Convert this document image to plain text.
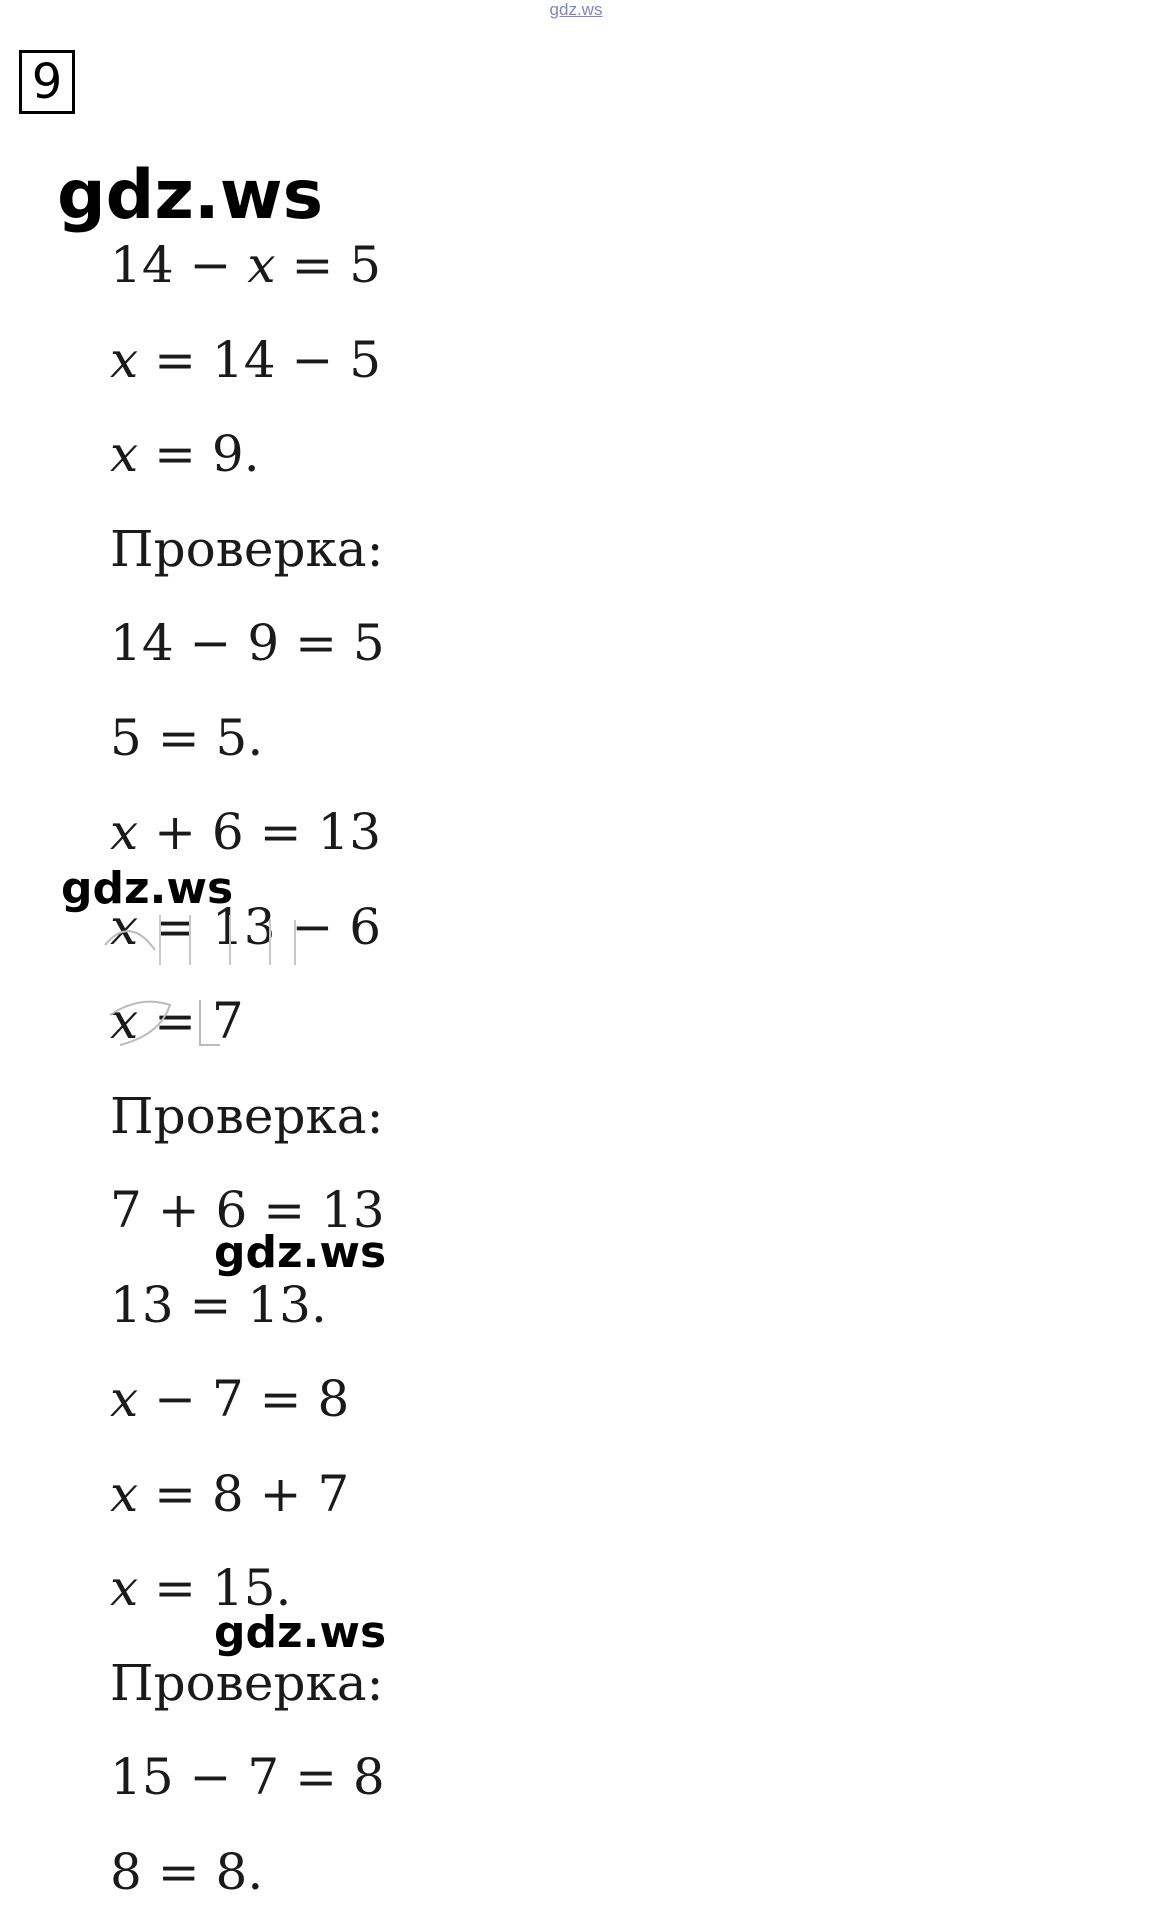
gdz.ws
9
gdz.ws
14 − x = 5
x = 14 − 5
x = 9.
Проверка:
14 − 9 = 5
5 = 5.
x + 6 = 13
x = 13 − 6
x = 7
Проверка:
7 + 6 = 13
13 = 13.
x − 7 = 8
x = 8 + 7
x = 15.
Проверка:
15 − 7 = 8
8 = 8.
gdz.ws
gdz.ws
gdz.ws
